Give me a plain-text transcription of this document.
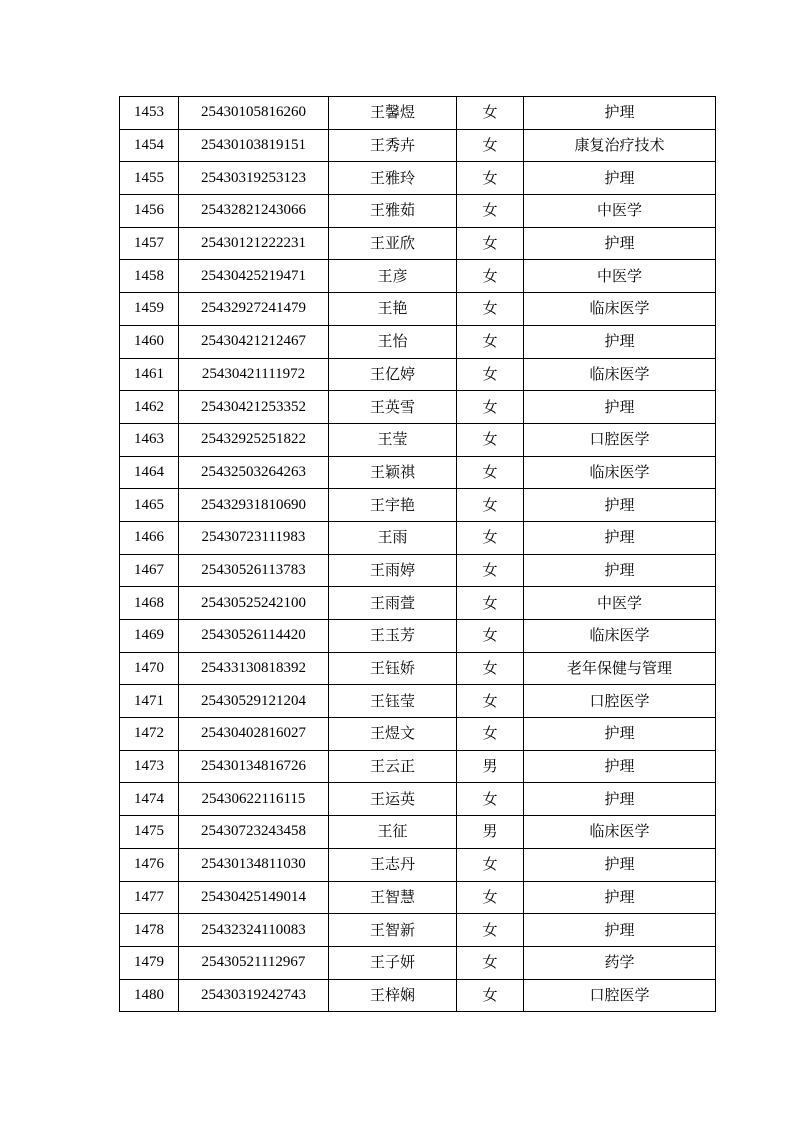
1453	25430105816260	王馨煜	女	护理
1454	25430103819151	王秀卉	女	康复治疗技术
1455	25430319253123	王雅玲	女	护理
1456	25432821243066	王雅茹	女	中医学
1457	25430121222231	王亚欣	女	护理
1458	25430425219471	王彦	女	中医学
1459	25432927241479	王艳	女	临床医学
1460	25430421212467	王怡	女	护理
1461	25430421111972	王亿婷	女	临床医学
1462	25430421253352	王英雪	女	护理
1463	25432925251822	王莹	女	口腔医学
1464	25432503264263	王颖祺	女	临床医学
1465	25432931810690	王宇艳	女	护理
1466	25430723111983	王雨	女	护理
1467	25430526113783	王雨婷	女	护理
1468	25430525242100	王雨萱	女	中医学
1469	25430526114420	王玉芳	女	临床医学
1470	25433130818392	王钰娇	女	老年保健与管理
1471	25430529121204	王钰莹	女	口腔医学
1472	25430402816027	王煜文	女	护理
1473	25430134816726	王云正	男	护理
1474	25430622116115	王运英	女	护理
1475	25430723243458	王征	男	临床医学
1476	25430134811030	王志丹	女	护理
1477	25430425149014	王智慧	女	护理
1478	25432324110083	王智新	女	护理
1479	25430521112967	王子妍	女	药学
1480	25430319242743	王梓娴	女	口腔医学
